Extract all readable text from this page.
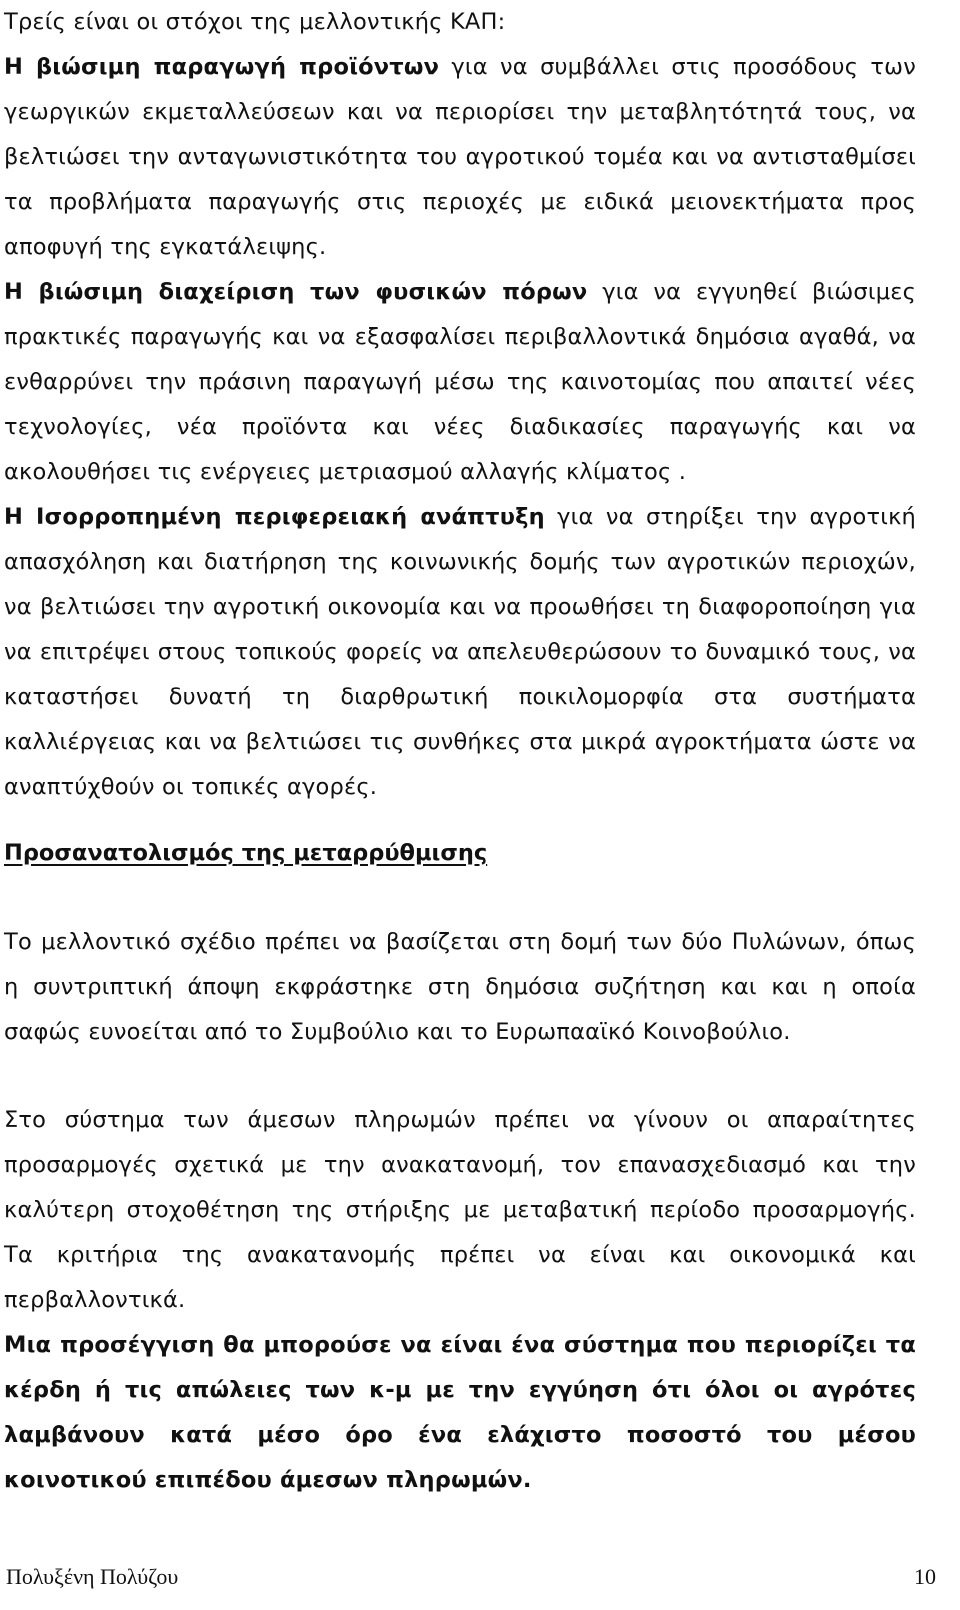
Τρείς είναι οι στόχοι της μελλοντικής ΚΑΠ:

Η βιώσιμη παραγωγή προϊόντων για να συμβάλλει στις προσόδους των γεωργικών εκμεταλλεύσεων και να περιορίσει την μεταβλητότητά τους, να βελτιώσει την ανταγωνιστικότητα του αγροτικού τομέα και να αντισταθμίσει τα προβλήματα παραγωγής στις περιοχές με ειδικά μειονεκτήματα προς αποφυγή της εγκατάλειψης.

Η βιώσιμη διαχείριση των φυσικών πόρων για να εγγυηθεί βιώσιμες πρακτικές παραγωγής και να εξασφαλίσει περιβαλλοντικά δημόσια αγαθά, να ενθαρρύνει την πράσινη παραγωγή μέσω της καινοτομίας που απαιτεί νέες τεχνολογίες, νέα προϊόντα και νέες διαδικασίες παραγωγής και να ακολουθήσει τις ενέργειες μετριασμού αλλαγής κλίματος .

Η Ισορροπημένη περιφερειακή ανάπτυξη για να στηρίξει την αγροτική απασχόληση και διατήρηση της κοινωνικής δομής των αγροτικών περιοχών, να βελτιώσει την αγροτική οικονομία και να προωθήσει τη διαφοροποίηση για να επιτρέψει στους τοπικούς φορείς να απελευθερώσουν το δυναμικό τους, να καταστήσει δυνατή τη διαρθρωτική ποικιλομορφία στα συστήματα καλλιέργειας και να βελτιώσει τις συνθήκες στα μικρά αγροκτήματα ώστε να αναπτύχθούν οι τοπικές αγορές.

Προσανατολισμός της μεταρρύθμισης

Το μελλοντικό σχέδιο πρέπει να βασίζεται στη δομή των δύο Πυλώνων, όπως η συντριπτική άποψη εκφράστηκε στη δημόσια συζήτηση και και η οποία σαφώς ευνοείται από το Συμβούλιο και το Ευρωπααϊκό Κοινοβούλιο.

Στο σύστημα των άμεσων πληρωμών πρέπει να γίνουν οι απαραίτητες προσαρμογές σχετικά με την ανακατανομή, τον επανασχεδιασμό και την καλύτερη στοχοθέτηση της στήριξης με μεταβατική περίοδο προσαρμογής. Τα κριτήρια της ανακατανομής πρέπει να είναι και οικονομικά και περβαλλοντικά.

Μια προσέγγιση θα μπορούσε να είναι ένα σύστημα που περιορίζει τα κέρδη ή τις απώλειες των κ-μ με την εγγύηση ότι όλοι οι αγρότες λαμβάνουν κατά μέσο όρο ένα ελάχιστο ποσοστό του μέσου κοινοτικού επιπέδου άμεσων πληρωμών.

Πολυξένη Πολύζου	10
